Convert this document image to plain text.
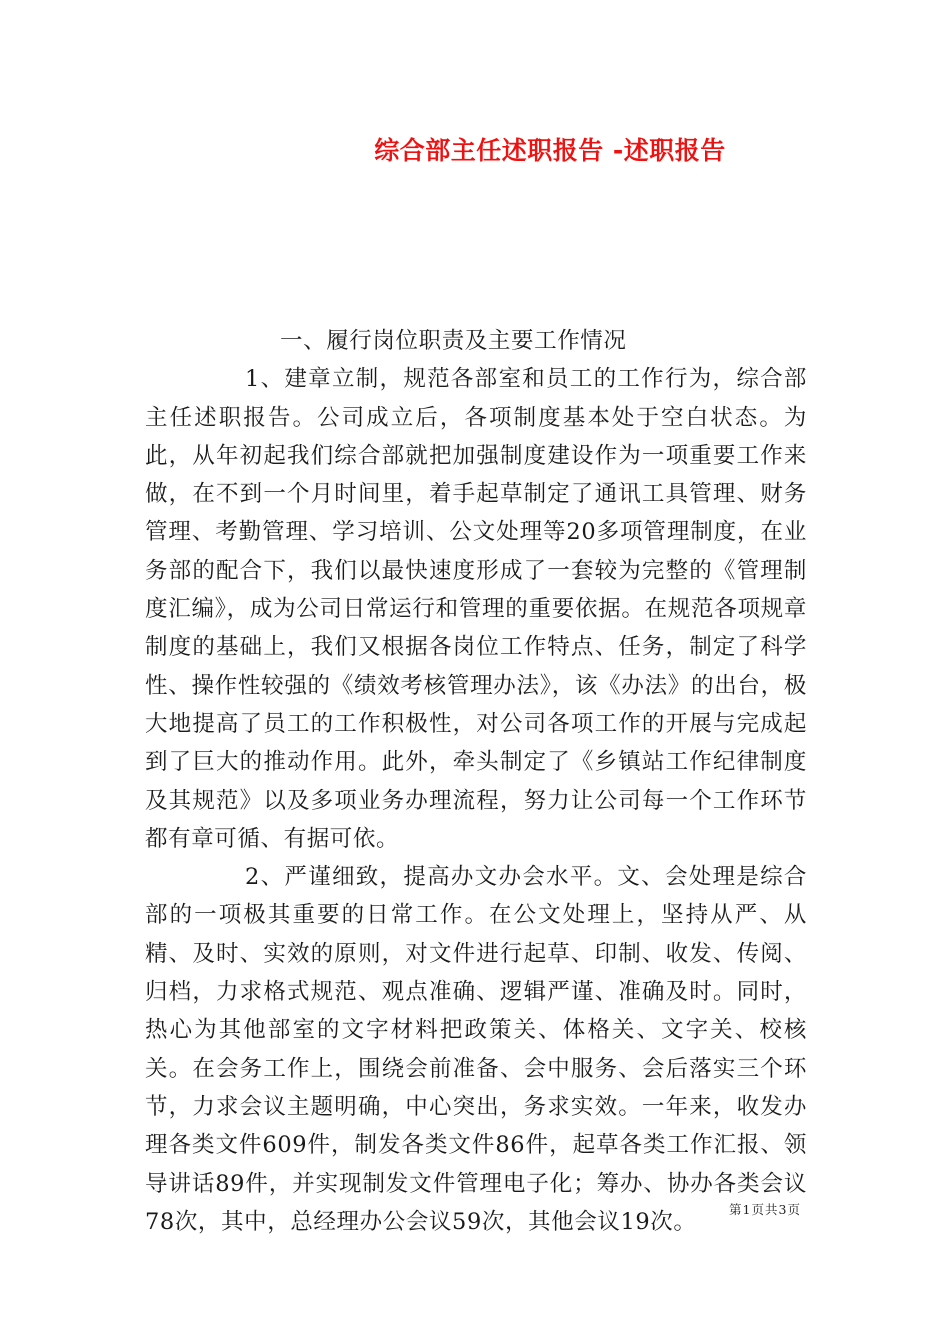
综合部主任述职报告 -述职报告

一、履行岗位职责及主要工作情况

1、建章立制，规范各部室和员工的工作行为，综合部主任述职报告。公司成立后，各项制度基本处于空白状态。为此，从年初起我们综合部就把加强制度建设作为一项重要工作来做，在不到一个月时间里，着手起草制定了通讯工具管理、财务管理、考勤管理、学习培训、公文处理等20多项管理制度，在业务部的配合下，我们以最快速度形成了一套较为完整的《管理制度汇编》，成为公司日常运行和管理的重要依据。在规范各项规章制度的基础上，我们又根据各岗位工作特点、任务，制定了科学性、操作性较强的《绩效考核管理办法》，该《办法》的出台，极大地提高了员工的工作积极性，对公司各项工作的开展与完成起到了巨大的推动作用。此外，牵头制定了《乡镇站工作纪律制度及其规范》以及多项业务办理流程，努力让公司每一个工作环节都有章可循、有据可依。

2、严谨细致，提高办文办会水平。文、会处理是综合部的一项极其重要的日常工作。在公文处理上，坚持从严、从精、及时、实效的原则，对文件进行起草、印制、收发、传阅、归档，力求格式规范、观点准确、逻辑严谨、准确及时。同时，热心为其他部室的文字材料把政策关、体格关、文字关、校核关。在会务工作上，围绕会前准备、会中服务、会后落实三个环节，力求会议主题明确，中心突出，务求实效。一年来，收发办理各类文件609件，制发各类文件86件，起草各类工作汇报、领导讲话89件，并实现制发文件管理电子化；筹办、协办各类会议78次，其中，总经理办公会议59次，其他会议19次。	第1页共3页
